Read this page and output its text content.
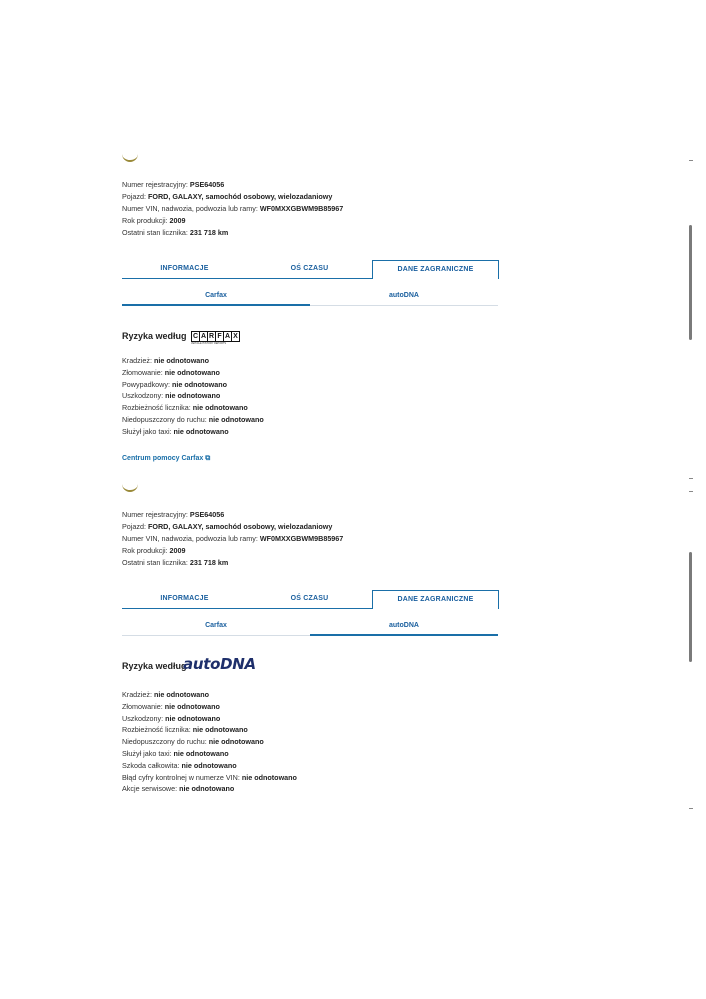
Numer rejestracyjny: PSE64056
Pojazd: FORD, GALAXY, samochód osobowy, wielozadaniowy
Numer VIN, nadwozia, podwozia lub ramy: WF0MXXGBWM9B85967
Rok produkcji: 2009
Ostatni stan licznika: 231 718 km
INFORMACJE	OŚ CZASU	DANE ZAGRANICZNE
Carfax	autoDNA
Ryzyka według C A R F A X
VEHICLE HISTORY REPORTS
Kradzież: nie odnotowano
Złomowanie: nie odnotowano
Powypadkowy: nie odnotowano
Uszkodzony: nie odnotowano
Rozbieżność licznika: nie odnotowano
Niedopuszczony do ruchu: nie odnotowano
Służył jako taxi: nie odnotowano
Centrum pomocy Carfax ⧉
Numer rejestracyjny: PSE64056
Pojazd: FORD, GALAXY, samochód osobowy, wielozadaniowy
Numer VIN, nadwozia, podwozia lub ramy: WF0MXXGBWM9B85967
Rok produkcji: 2009
Ostatni stan licznika: 231 718 km
INFORMACJE	OŚ CZASU	DANE ZAGRANICZNE
Carfax	autoDNA
Ryzyka według
autoDNA
Kradzież: nie odnotowano
Złomowanie: nie odnotowano
Uszkodzony: nie odnotowano
Rozbieżność licznika: nie odnotowano
Niedopuszczony do ruchu: nie odnotowano
Służył jako taxi: nie odnotowano
Szkoda całkowita: nie odnotowano
Błąd cyfry kontrolnej w numerze VIN: nie odnotowano
Akcje serwisowe: nie odnotowano
